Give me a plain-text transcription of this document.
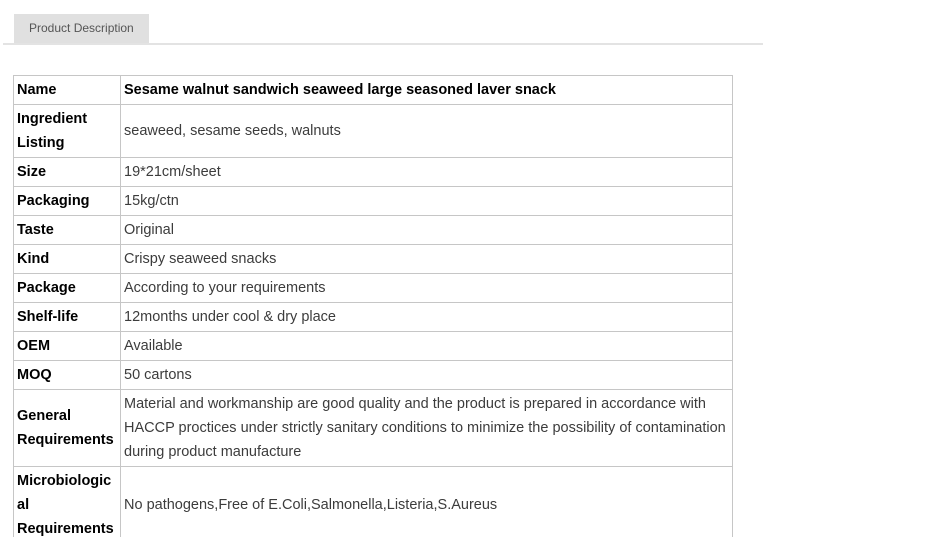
Product Description
Name	Sesame walnut sandwich seaweed large seasoned laver snack
Ingredient Listing	seaweed, sesame seeds, walnuts
Size	19*21cm/sheet
Packaging	15kg/ctn
Taste	Original
Kind	Crispy seaweed snacks
Package	According to your requirements
Shelf-life	12months under cool & dry place
OEM	Available
MOQ	50 cartons
General Requirements	Material and workmanship are good quality and the product is prepared in accordance with HACCP proctices under strictly sanitary conditions to minimize the possibility of contamination during product manufacture
Microbiological Requirements	No pathogens,Free of E.Coli,Salmonella,Listeria,S.Aureus
